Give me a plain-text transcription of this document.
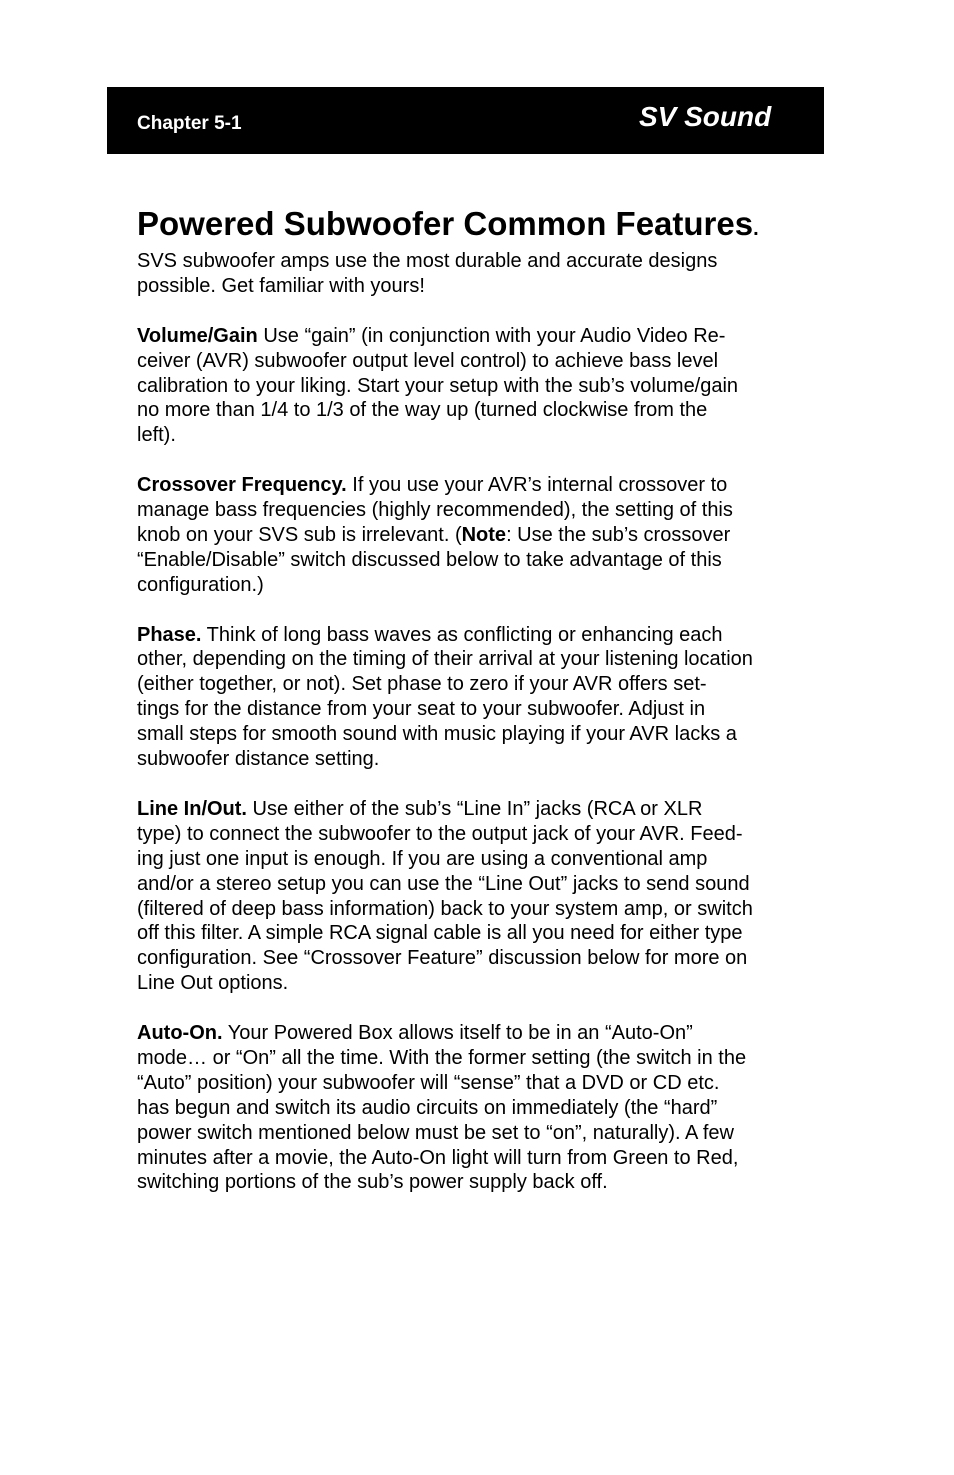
Chapter 5-1	SV Sound
Powered Subwoofer Common Features.

SVS subwoofer amps use the most durable and accurate designs
possible. Get familiar with yours!

Volume/Gain Use “gain” (in conjunction with your Audio Video Re-
ceiver (AVR) subwoofer output level control) to achieve bass level
calibration to your liking. Start your setup with the sub’s volume/gain
no more than 1/4 to 1/3 of the way up (turned clockwise from the
left).

Crossover Frequency. If you use your AVR’s internal crossover to
manage bass frequencies (highly recommended), the setting of this
knob on your SVS sub is irrelevant. (Note: Use the sub’s crossover
“Enable/Disable” switch discussed below to take advantage of this
configuration.)

Phase. Think of long bass waves as conflicting or enhancing each
other, depending on the timing of their arrival at your listening location
(either together, or not). Set phase to zero if your AVR offers set-
tings for the distance from your seat to your subwoofer. Adjust in
small steps for smooth sound with music playing if your AVR lacks a
subwoofer distance setting.

Line In/Out. Use either of the sub’s “Line In” jacks (RCA or XLR
type) to connect the subwoofer to the output jack of your AVR. Feed-
ing just one input is enough. If you are using a conventional amp
and/or a stereo setup you can use the “Line Out” jacks to send sound
(filtered of deep bass information) back to your system amp, or switch
off this filter. A simple RCA signal cable is all you need for either type
configuration. See “Crossover Feature” discussion below for more on
Line Out options.

Auto-On. Your Powered Box allows itself to be in an “Auto-On”
mode… or “On” all the time. With the former setting (the switch in the
“Auto” position) your subwoofer will “sense” that a DVD or CD etc.
has begun and switch its audio circuits on immediately (the “hard”
power switch mentioned below must be set to “on”, naturally). A few
minutes after a movie, the Auto-On light will turn from Green to Red,
switching portions of the sub’s power supply back off.
